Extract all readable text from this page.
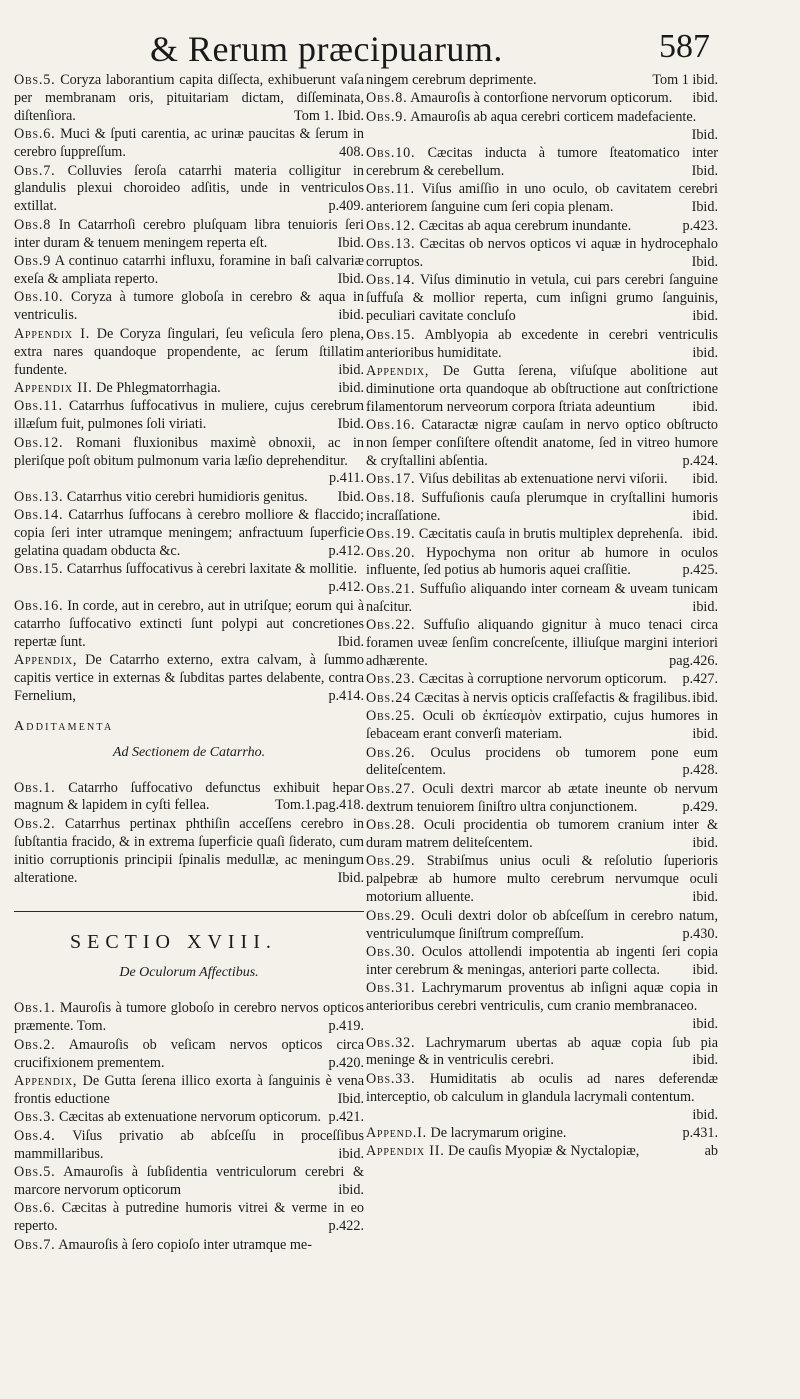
& Rerum præcipuarum.	587
Obs.5. Coryza laborantium capita diſſecta, exhibuerunt vaſa per membranam oris, pituitariam dictam, diſſeminata, diſtenſiora.	Tom 1. Ibid.
Obs.6. Muci & ſputi carentia, ac urinæ paucitas & ſerum in cerebro ſuppreſſum.	408.
Obs.7. Colluvies ſeroſa catarrhi materia colligitur in glandulis plexui choroideo adſitis, unde in ventriculos extillat.	p.409.
Obs.8 In Catarrhoſi cerebro pluſquam libra tenuioris ſeri inter duram & tenuem meningem reperta eſt.	Ibid.
Obs.9 A continuo catarrhi influxu, foramine in baſi calvariæ exeſa & ampliata reperto.	Ibid.
Obs.10. Coryza à tumore globoſa in cerebro & aqua in ventriculis.	ibid.
Appendix I. De Coryza ſingulari, ſeu veſicula ſero plena, extra nares quandoque propendente, ac ſerum ſtillatim fundente.	ibid.
Appendix II. De Phlegmatorrhagia.	ibid.
Obs.11. Catarrhus ſuffocativus in muliere, cujus cerebrum illæſum fuit, pulmones ſoli viriati.	Ibid.
Obs.12. Romani fluxionibus maximè obnoxii, ac in pleriſque poſt obitum pulmonum varia læſio deprehenditur.
p.411.
Obs.13. Catarrhus vitio cerebri humidioris genitus. Ibid.
Obs.14. Catarrhus ſuffocans à cerebro molliore & flaccido; copia ſeri inter utramque meningem; anfractuum ſuperficie gelatina quadam obducta &c.	p.412.
Obs.15. Catarrhus ſuffocativus à cerebri laxitate & mollitie.
p.412.
Obs.16. In corde, aut in cerebro, aut in utriſque; eorum qui à catarrho ſuffocativo extincti ſunt polypi aut concretiones repertæ ſunt.	Ibid.
Appendix, De Catarrho externo, extra calvam, à ſummo capitis vertice in externas & ſubditas partes delabente, contra Fernelium,	p.414.
Additamenta
Ad Sectionem de Catarrho.
Obs.1. Catarrho ſuffocativo defunctus exhibuit hepar magnum & lapidem in cyſti fellea.	Tom.1.pag.418.
Obs.2. Catarrhus pertinax phthiſin acceſſens cerebro in ſubſtantia fracido, & in extrema ſuperficie quaſi ſiderato, cum initio corruptionis principii ſpinalis medullæ, ac meningum alteratione.	Ibid.
SECTIO XVIII.
De Oculorum Affectibus.
Obs.1. Mauroſis à tumore globoſo in cerebro nervos opticos præmente. Tom.	p.419.
Obs.2. Amauroſis ob veſicam nervos opticos circa crucifixionem prementem.	p.420.
Appendix, De Gutta ſerena illico exorta à ſanguinis è vena frontis eductione	Ibid.
Obs.3. Cæcitas ab extenuatione nervorum opticorum. p.421.
Obs.4. Viſus privatio ab abſceſſu in proceſſibus mammillaribus.	ibid.
Obs.5. Amauroſis à ſubſidentia ventriculorum cerebri & marcore nervorum opticorum	ibid.
Obs.6. Cæcitas à putredine humoris vitrei & verme in eo reperto.	p.422.
Obs.7. Amauroſis à ſero copioſo inter utramque me-
ningem cerebrum deprimente.	Tom 1 ibid.
Obs.8. Amauroſis à contorſione nervorum opticorum. ibid.
Obs.9. Amauroſis ab aqua cerebri corticem madefaciente.
Ibid.
Obs.10. Cæcitas inducta à tumore ſteatomatico inter cerebrum & cerebellum.	Ibid.
Obs.11. Viſus amiſſio in uno oculo, ob cavitatem cerebri anteriorem ſanguine cum ſeri copia plenam.	Ibid.
Obs.12. Cæcitas ab aqua cerebrum inundante.	p.423.
Obs.13. Cæcitas ob nervos opticos vi aquæ in hydrocephalo corruptos.	Ibid.
Obs.14. Viſus diminutio in vetula, cui pars cerebri ſanguine ſuffuſa & mollior reperta, cum inſigni grumo ſanguinis, peculiari cavitate concluſo	ibid.
Obs.15. Amblyopia ab excedente in cerebri ventriculis anterioribus humiditate.	ibid.
Appendix, De Gutta ſerena, viſuſque abolitione aut diminutione orta quandoque ab obſtructione aut conſtrictione filamentorum nerveorum corpora ſtriata adeuntium	ibid.
Obs.16. Cataractæ nigræ cauſam in nervo optico obſtructo non ſemper conſiſtere oſtendit anatome, ſed in vitreo humore & cryſtallini abſentia.	p.424.
Obs.17. Viſus debilitas ab extenuatione nervi viſorii. ibid.
Obs.18. Suffuſionis cauſa plerumque in cryſtallini humoris incraſſatione.	ibid.
Obs.19. Cæcitatis cauſa in brutis multiplex deprehenſa. ibid.
Obs.20. Hypochyma non oritur ab humore in oculos influente, ſed potius ab humoris aquei craſſitie.	p.425.
Obs.21. Suffuſio aliquando inter corneam & uveam tunicam naſcitur.	ibid.
Obs.22. Suffuſio aliquando gignitur à muco tenaci circa foramen uveæ ſenſim concreſcente, illiuſque margini interiori adhærente.	pag.426.
Obs.23. Cæcitas à corruptione nervorum opticorum. p.427.
Obs.24 Cæcitas à nervis opticis craſſefactis & fragilibus. ibid.
Obs.25. Oculi ob ἐκπίεσμὸν extirpatio, cujus humores in ſebaceam erant converſi materiam.	ibid.
Obs.26. Oculus procidens ob tumorem pone eum deliteſcentem.	p.428.
Obs.27. Oculi dextri marcor ab ætate ineunte ob nervum dextrum tenuiorem ſiniſtro ultra conjunctionem.	p.429.
Obs.28. Oculi procidentia ob tumorem cranium inter & duram matrem deliteſcentem.	ibid.
Obs.29. Strabiſmus unius oculi & reſolutio ſuperioris palpebræ ab humore multo cerebrum nervumque oculi motorium alluente.	ibid.
Obs.29. Oculi dextri dolor ob abſceſſum in cerebro natum, ventriculumque ſiniſtrum compreſſum.	p.430.
Obs.30. Oculos attollendi impotentia ab ingenti ſeri copia inter cerebrum & meningas, anteriori parte collecta. ibid.
Obs.31. Lachrymarum proventus ab inſigni aquæ copia in anterioribus cerebri ventriculis, cum cranio membranaceo.
ibid.
Obs.32. Lachrymarum ubertas ab aquæ copia ſub pia meninge & in ventriculis cerebri.	ibid.
Obs.33. Humiditatis ab oculis ad nares deferendæ interceptio, ob calculum in glandula lacrymali contentum.
ibid.
Append.I. De lacrymarum origine.	p.431.
Appendix II. De cauſis Myopiæ & Nyctalopiæ,	ab
